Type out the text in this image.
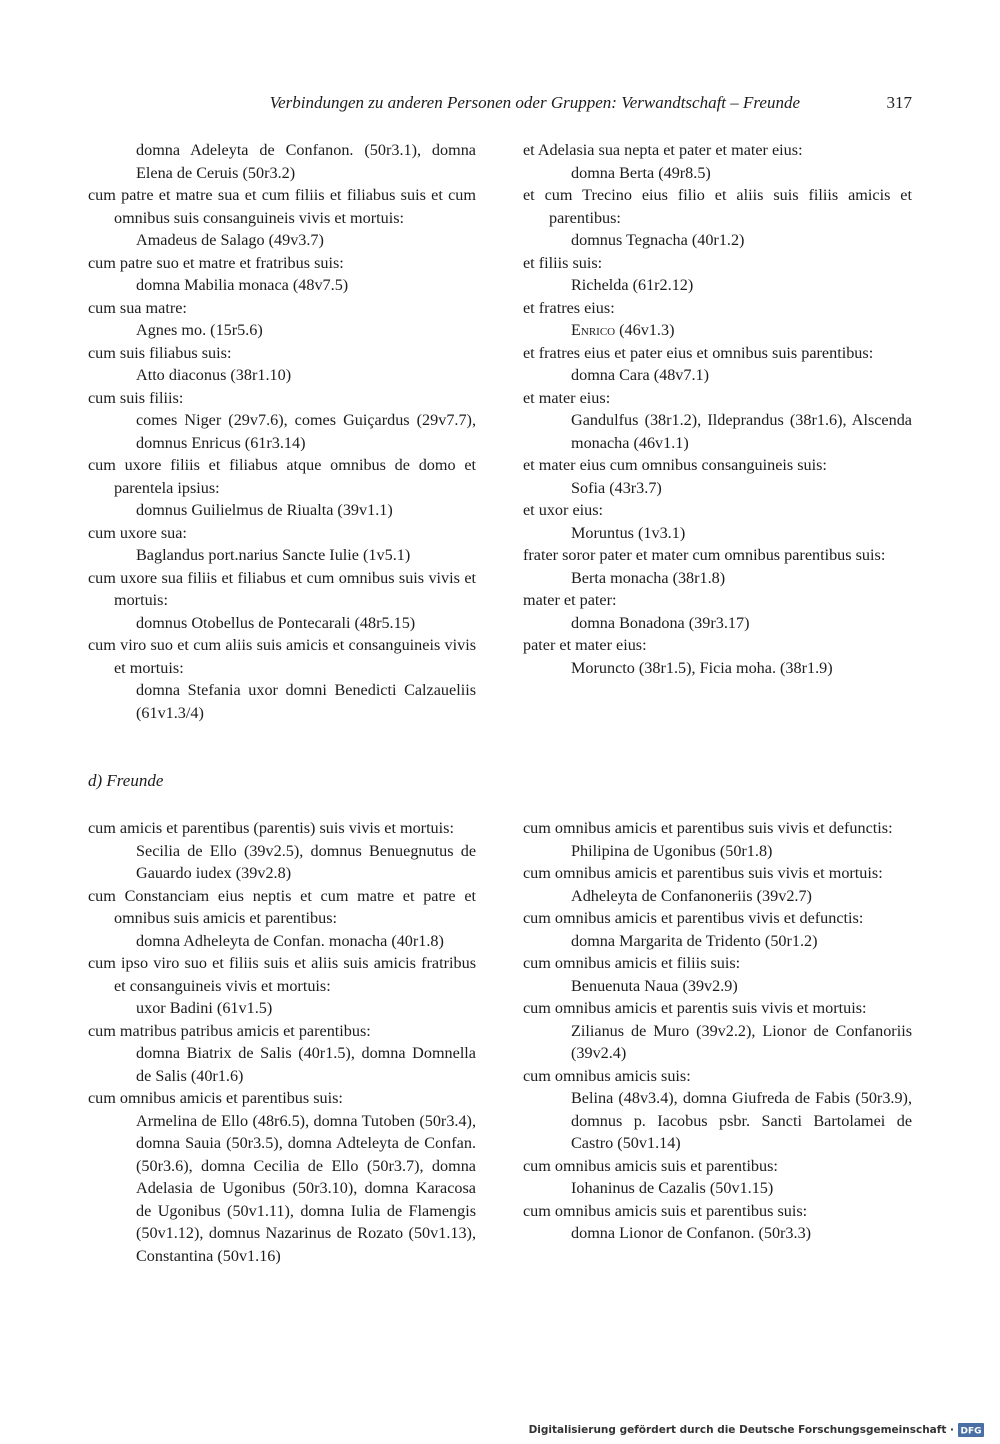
Verbindungen zu anderen Personen oder Gruppen: Verwandtschaft – Freunde	317

domna Adeleyta de Confanon. (50r3.1), domna Elena de Ceruis (50r3.2)

cum patre et matre sua et cum filiis et filiabus suis et cum omnibus suis consanguineis vivis et mortuis:

Amadeus de Salago (49v3.7)

cum patre suo et matre et fratribus suis:

domna Mabilia monaca (48v7.5)

cum sua matre:

Agnes mo. (15r5.6)

cum suis filiabus suis:

Atto diaconus (38r1.10)

cum suis filiis:

comes Niger (29v7.6), comes Guiçardus (29v7.7), domnus Enricus (61r3.14)

cum uxore filiis et filiabus atque omnibus de domo et parentela ipsius:

domnus Guilielmus de Riualta (39v1.1)

cum uxore sua:

Baglandus port.narius Sancte Iulie (1v5.1)

cum uxore sua filiis et filiabus et cum omnibus suis vivis et mortuis:

domnus Otobellus de Pontecarali (48r5.15)

cum viro suo et cum aliis suis amicis et consanguineis vivis et mortuis:

domna Stefania uxor domni Benedicti Calzaueliis (61v1.3/4)

et Adelasia sua nepta et pater et mater eius:

domna Berta (49r8.5)

et cum Trecino eius filio et aliis suis filiis amicis et parentibus:

domnus Tegnacha (40r1.2)

et filiis suis:

Richelda (61r2.12)

et fratres eius:

Enrico (46v1.3)

et fratres eius et pater eius et omnibus suis parentibus:

domna Cara (48v7.1)

et mater eius:

Gandulfus (38r1.2), Ildeprandus (38r1.6), Alscenda monacha (46v1.1)

et mater eius cum omnibus consanguineis suis:

Sofia (43r3.7)

et uxor eius:

Moruntus (1v3.1)

frater soror pater et mater cum omnibus parentibus suis:

Berta monacha (38r1.8)

mater et pater:

domna Bonadona (39r3.17)

pater et mater eius:

Moruncto (38r1.5), Ficia moha. (38r1.9)

d) Freunde

cum amicis et parentibus (parentis) suis vivis et mortuis:

Secilia de Ello (39v2.5), domnus Benuegnutus de Gauardo iudex (39v2.8)

cum Constanciam eius neptis et cum matre et patre et omnibus suis amicis et parentibus:

domna Adheleyta de Confan. monacha (40r1.8)

cum ipso viro suo et filiis suis et aliis suis amicis fratribus et consanguineis vivis et mortuis:

uxor Badini (61v1.5)

cum matribus patribus amicis et parentibus:

domna Biatrix de Salis (40r1.5), domna Domnella de Salis (40r1.6)

cum omnibus amicis et parentibus suis:

Armelina de Ello (48r6.5), domna Tutoben (50r3.4), domna Sauia (50r3.5), domna Adteleyta de Confan. (50r3.6), domna Cecilia de Ello (50r3.7), domna Adelasia de Ugonibus (50r3.10), domna Karacosa de Ugonibus (50v1.11), domna Iulia de Flamengis (50v1.12), domnus Nazarinus de Rozato (50v1.13), Constantina (50v1.16)

cum omnibus amicis et parentibus suis vivis et defunctis:

Philipina de Ugonibus (50r1.8)

cum omnibus amicis et parentibus suis vivis et mortuis:

Adheleyta de Confanoneriis (39v2.7)

cum omnibus amicis et parentibus vivis et defunctis:

domna Margarita de Tridento (50r1.2)

cum omnibus amicis et filiis suis:

Benuenuta Naua (39v2.9)

cum omnibus amicis et parentis suis vivis et mortuis:

Zilianus de Muro (39v2.2), Lionor de Confanoriis (39v2.4)

cum omnibus amicis suis:

Belina (48v3.4), domna Giufreda de Fabis (50r3.9), domnus p. Iacobus psbr. Sancti Bartolamei de Castro (50v1.14)

cum omnibus amicis suis et parentibus:

Iohaninus de Cazalis (50v1.15)

cum omnibus amicis suis et parentibus suis:

domna Lionor de Confanon. (50r3.3)

Digitalisierung gefördert durch die Deutsche Forschungsgemeinschaft · DFG
